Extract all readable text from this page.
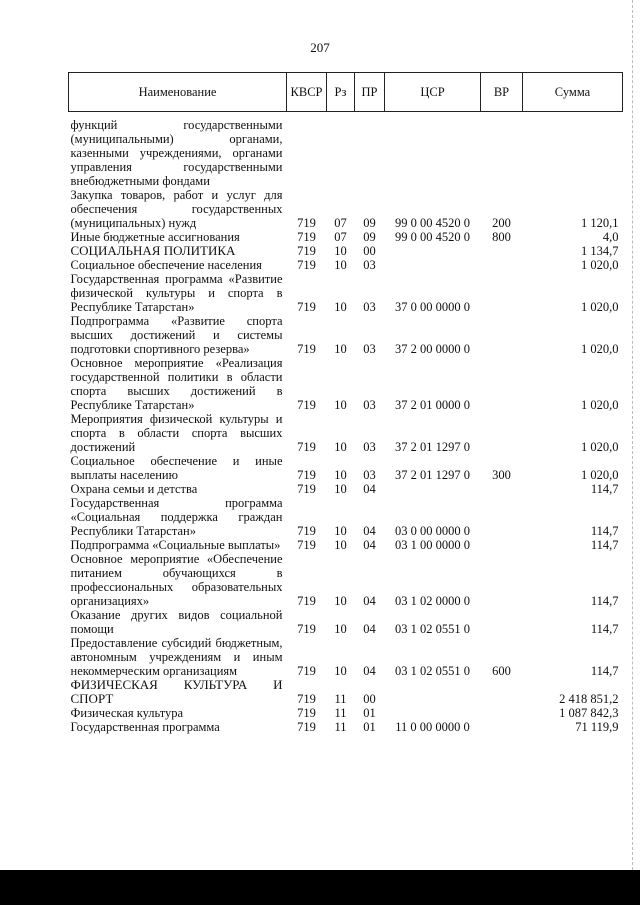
207
Наименование	КВСР	Рз	ПР	ЦСР	ВР	Сумма

функций государственными (муниципальными) органами, казенными учреждениями, органами управления государственными внебюджетными фондами						
Закупка товаров, работ и услуг для обеспечения государственных (муниципальных) нужд	719	07	09	99 0 00 4520 0	200	1 120,1
Иные бюджетные ассигнования	719	07	09	99 0 00 4520 0	800	4,0
СОЦИАЛЬНАЯ ПОЛИТИКА	719	10	00			1 134,7
Социальное обеспечение населения	719	10	03			1 020,0
Государственная программа «Развитие физической культуры и спорта в Республике Татарстан»	719	10	03	37 0 00 0000 0		1 020,0
Подпрограмма «Развитие спорта высших достижений и системы подготовки спортивного резерва»	719	10	03	37 2 00 0000 0		1 020,0
Основное мероприятие «Реализация государственной политики в области спорта высших достижений в Республике Татарстан»	719	10	03	37 2 01 0000 0		1 020,0
Мероприятия физической культуры и спорта в области спорта высших достижений	719	10	03	37 2 01 1297 0		1 020,0
Социальное обеспечение и иные выплаты населению	719	10	03	37 2 01 1297 0	300	1 020,0
Охрана семьи и детства	719	10	04			114,7
Государственная программа «Социальная поддержка граждан Республики Татарстан»	719	10	04	03 0 00 0000 0		114,7
Подпрограмма «Социальные выплаты»	719	10	04	03 1 00 0000 0		114,7
Основное мероприятие «Обеспечение питанием обучающихся в профессиональных образовательных организациях»	719	10	04	03 1 02 0000 0		114,7
Оказание других видов социальной помощи	719	10	04	03 1 02 0551 0		114,7
Предоставление субсидий бюджетным, автономным учреждениям и иным некоммерческим организациям	719	10	04	03 1 02 0551 0	600	114,7
ФИЗИЧЕСКАЯ КУЛЬТУРА И СПОРТ	719	11	00			2 418 851,2
Физическая культура	719	11	01			1 087 842,3
Государственная программа	719	11	01	11 0 00 0000 0		71 119,9
